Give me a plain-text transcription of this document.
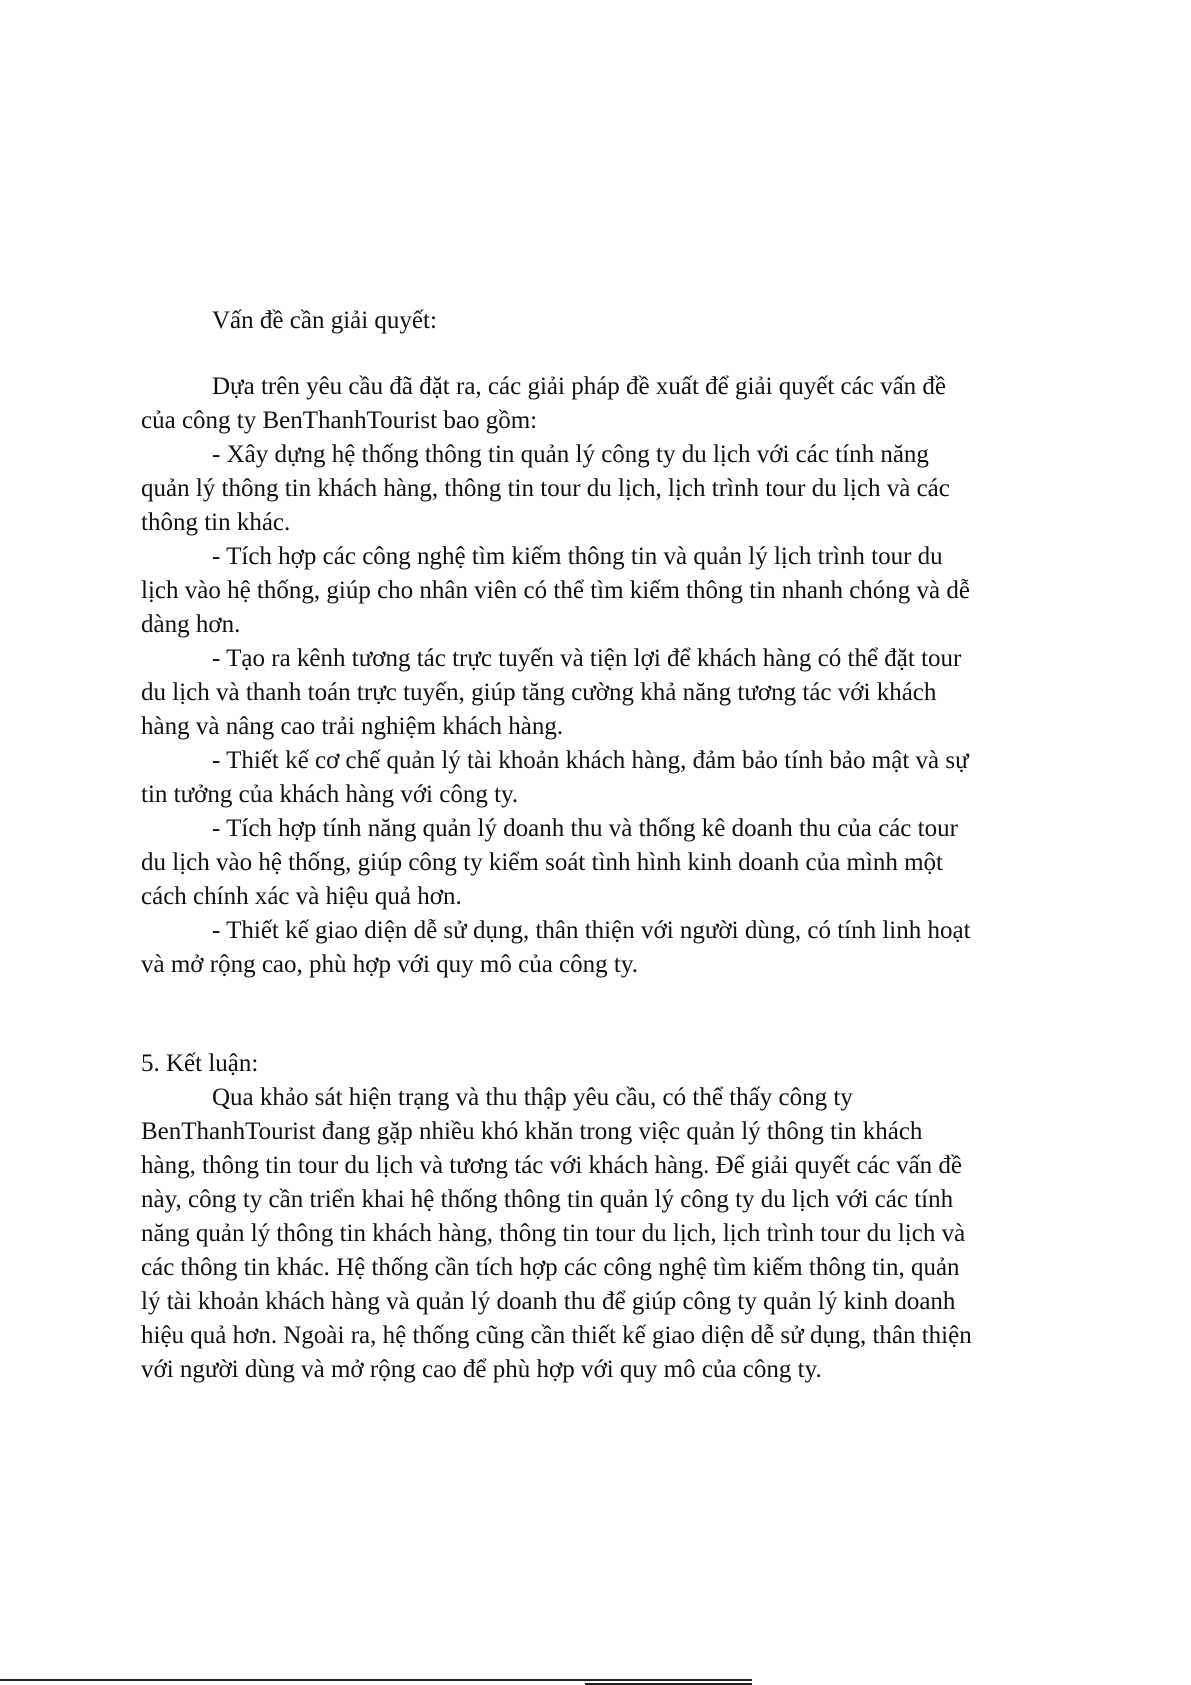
Vấn đề cần giải quyết:
Dựa trên yêu cầu đã đặt ra, các giải pháp đề xuất để giải quyết các vấn đề
của công ty BenThanhTourist bao gồm:
- Xây dựng hệ thống thông tin quản lý công ty du lịch với các tính năng
quản lý thông tin khách hàng, thông tin tour du lịch, lịch trình tour du lịch và các
thông tin khác.
- Tích hợp các công nghệ tìm kiếm thông tin và quản lý lịch trình tour du
lịch vào hệ thống, giúp cho nhân viên có thể tìm kiếm thông tin nhanh chóng và dễ
dàng hơn.
- Tạo ra kênh tương tác trực tuyến và tiện lợi để khách hàng có thể đặt tour
du lịch và thanh toán trực tuyến, giúp tăng cường khả năng tương tác với khách
hàng và nâng cao trải nghiệm khách hàng.
- Thiết kế cơ chế quản lý tài khoản khách hàng, đảm bảo tính bảo mật và sự
tin tưởng của khách hàng với công ty.
- Tích hợp tính năng quản lý doanh thu và thống kê doanh thu của các tour
du lịch vào hệ thống, giúp công ty kiểm soát tình hình kinh doanh của mình một
cách chính xác và hiệu quả hơn.
- Thiết kế giao diện dễ sử dụng, thân thiện với người dùng, có tính linh hoạt
và mở rộng cao, phù hợp với quy mô của công ty.
5. Kết luận:
Qua khảo sát hiện trạng và thu thập yêu cầu, có thể thấy công ty
BenThanhTourist đang gặp nhiều khó khăn trong việc quản lý thông tin khách
hàng, thông tin tour du lịch và tương tác với khách hàng. Để giải quyết các vấn đề
này, công ty cần triển khai hệ thống thông tin quản lý công ty du lịch với các tính
năng quản lý thông tin khách hàng, thông tin tour du lịch, lịch trình tour du lịch và
các thông tin khác. Hệ thống cần tích hợp các công nghệ tìm kiếm thông tin, quản
lý tài khoản khách hàng và quản lý doanh thu để giúp công ty quản lý kinh doanh
hiệu quả hơn. Ngoài ra, hệ thống cũng cần thiết kế giao diện dễ sử dụng, thân thiện
với người dùng và mở rộng cao để phù hợp với quy mô của công ty.
